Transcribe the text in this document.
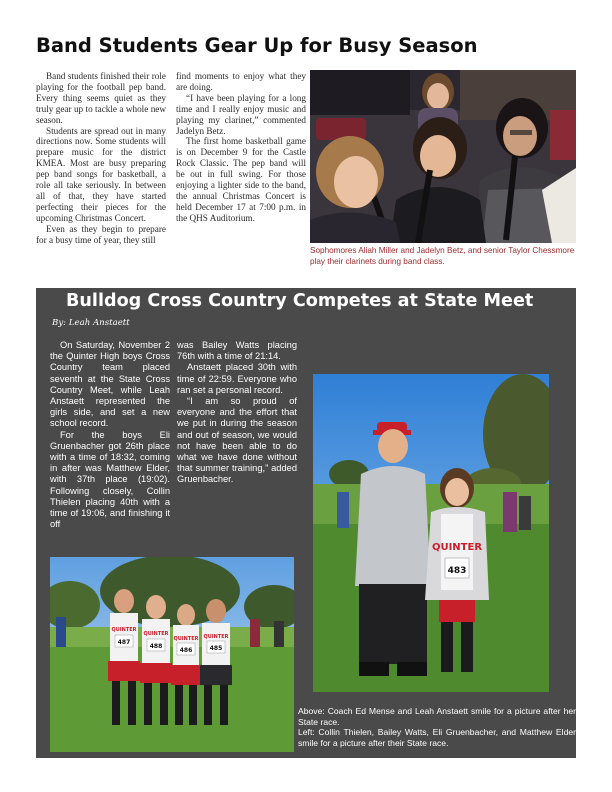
Band Students Gear Up for Busy Season

Band students finished their role playing for the football pep band. Every thing seems quiet as they truly gear up to tackle a whole new season.

Students are spread out in many directions now. Some students will prepare music for the district KMEA. Most are busy preparing pep band songs for basketball, a role all take seriously. In between all of that, they have started perfecting their pieces for the upcoming Christmas Concert.

Even as they begin to prepare for a busy time of year, they still

find moments to enjoy what they are doing.

“I have been playing for a long time and I really enjoy music and playing my clarinet,” commented Jadelyn Betz.

The first home basketball game is on December 9 for the Castle Rock Classic. The pep band will be out in full swing. For those enjoying a lighter side to the band, the annual Christmas Concert is held December 17 at 7:00 p.m. in the QHS Auditorium.

Sophomores Aliah Miller and Jadelyn Betz, and senior Taylor Chessmore play their clarinets during band class.
Bulldog Cross Country Competes at State Meet
By: Leah Anstaett

On Saturday, November 2 the Quinter High boys Cross Country team placed seventh at the State Cross Country Meet, while Leah Anstaett represented the girls side, and set a new school record.

For the boys Eli Gruenbacher got 26th place with a time of 18:32, coming in after was Matthew Elder, with 37th place (19:02). Following closely, Collin Thielen placing 40th with a time of 19:06, and finishing it off

was Bailey Watts placing 76th with a time of 21:14.

Anstaett placed 30th with time of 22:59. Everyone who ran set a personal record.

“I am so proud of everyone and the effort that we put in during the season and out of season, we would not have been able to do what we have done without that summer training,” added Gruenbacher.

QUINTER
483
QUINTER
487
QUINTER
488
QUINTER
486
QUINTER
485
Above: Coach Ed Mense and Leah Anstaett smile for a picture after her State race.
Left: Collin Thielen, Bailey Watts, Eli Gruenbacher, and Matthew Elder smile for a picture after their State race.
